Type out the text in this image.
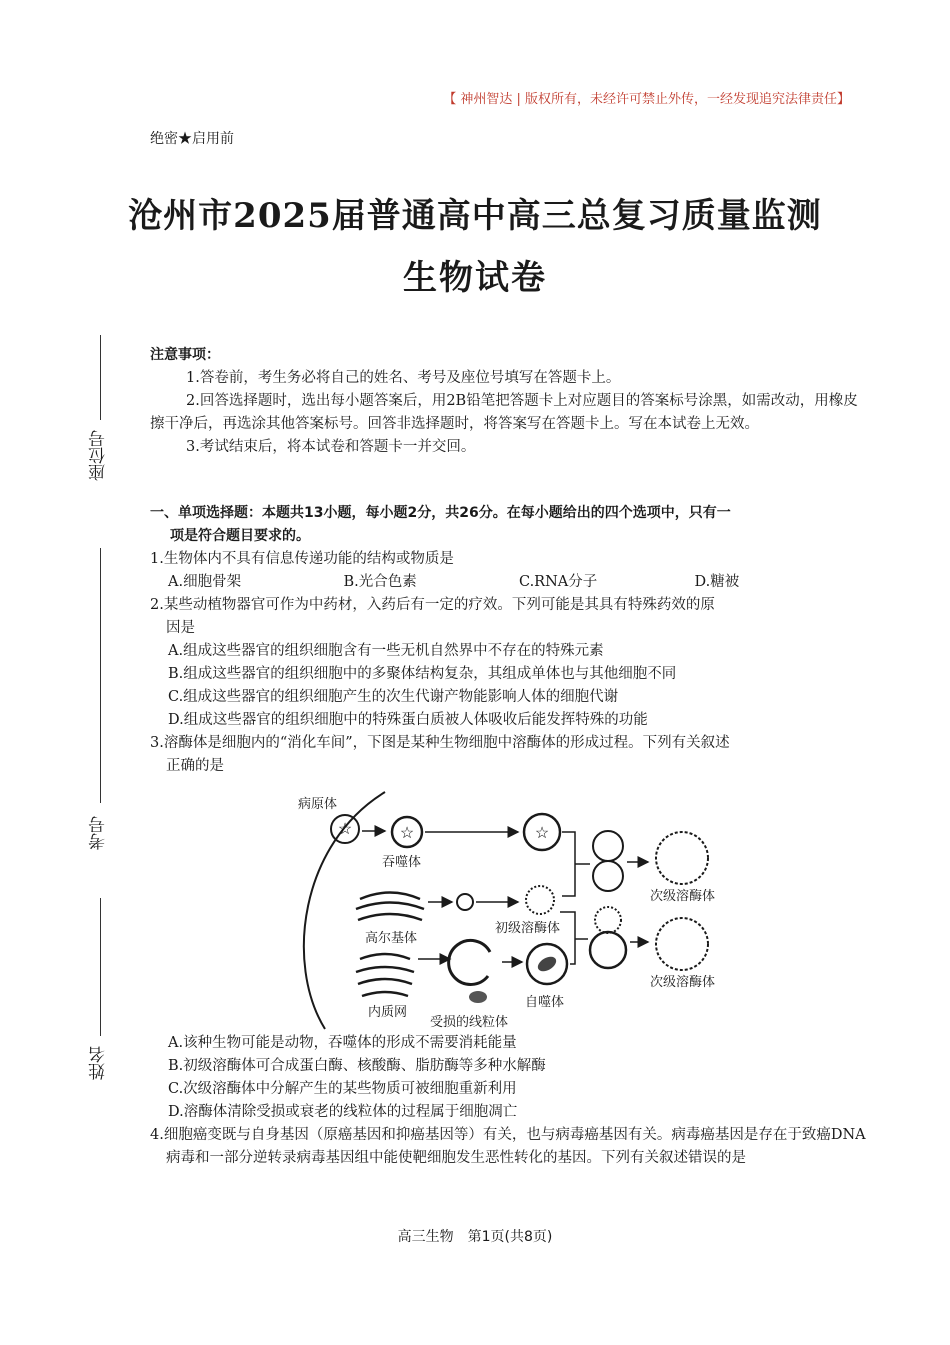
【 神州智达 | 版权所有，未经许可禁止外传，一经发现追究法律责任】
绝密★启用前
沧州市2025届普通高中高三总复习质量监测
生物试卷
座位号
考号
姓名
注意事项：
1.答卷前，考生务必将自己的姓名、考号及座位号填写在答题卡上。
2.回答选择题时，选出每小题答案后，用2B铅笔把答题卡上对应题目的答案标号涂黑，如需改动，用橡皮擦干净后，再选涂其他答案标号。回答非选择题时，将答案写在答题卡上。写在本试卷上无效。
3.考试结束后，将本试卷和答题卡一并交回。
一、单项选择题：本题共13小题，每小题2分，共26分。在每小题给出的四个选项中，只有一
项是符合题目要求的。
1.生物体内不具有信息传递功能的结构或物质是
A.细胞骨架	B.光合色素	C.RNA分子	D.糖被
2.某些动植物器官可作为中药材，入药后有一定的疗效。下列可能是其具有特殊药效的原
因是
A.组成这些器官的组织细胞含有一些无机自然界中不存在的特殊元素
B.组成这些器官的组织细胞中的多聚体结构复杂，其组成单体也与其他细胞不同
C.组成这些器官的组织细胞产生的次生代谢产物能影响人体的细胞代谢
D.组成这些器官的组织细胞中的特殊蛋白质被人体吸收后能发挥特殊的功能
3.溶酶体是细胞内的“消化车间”，下图是某种生物细胞中溶酶体的形成过程。下列有关叙述
正确的是
☆
病原体
☆
吞噬体
☆
高尔基体
初级溶酶体
次级溶酶体
内质网
受损的线粒体
自噬体
次级溶酶体
A.该种生物可能是动物，吞噬体的形成不需要消耗能量
B.初级溶酶体可合成蛋白酶、核酸酶、脂肪酶等多种水解酶
C.次级溶酶体中分解产生的某些物质可被细胞重新利用
D.溶酶体清除受损或衰老的线粒体的过程属于细胞凋亡
4.细胞癌变既与自身基因（原癌基因和抑癌基因等）有关，也与病毒癌基因有关。病毒癌基因是存在于致癌DNA病毒和一部分逆转录病毒基因组中能使靶细胞发生恶性转化的基因。下列有关叙述错误的是
高三生物　第1页(共8页)
